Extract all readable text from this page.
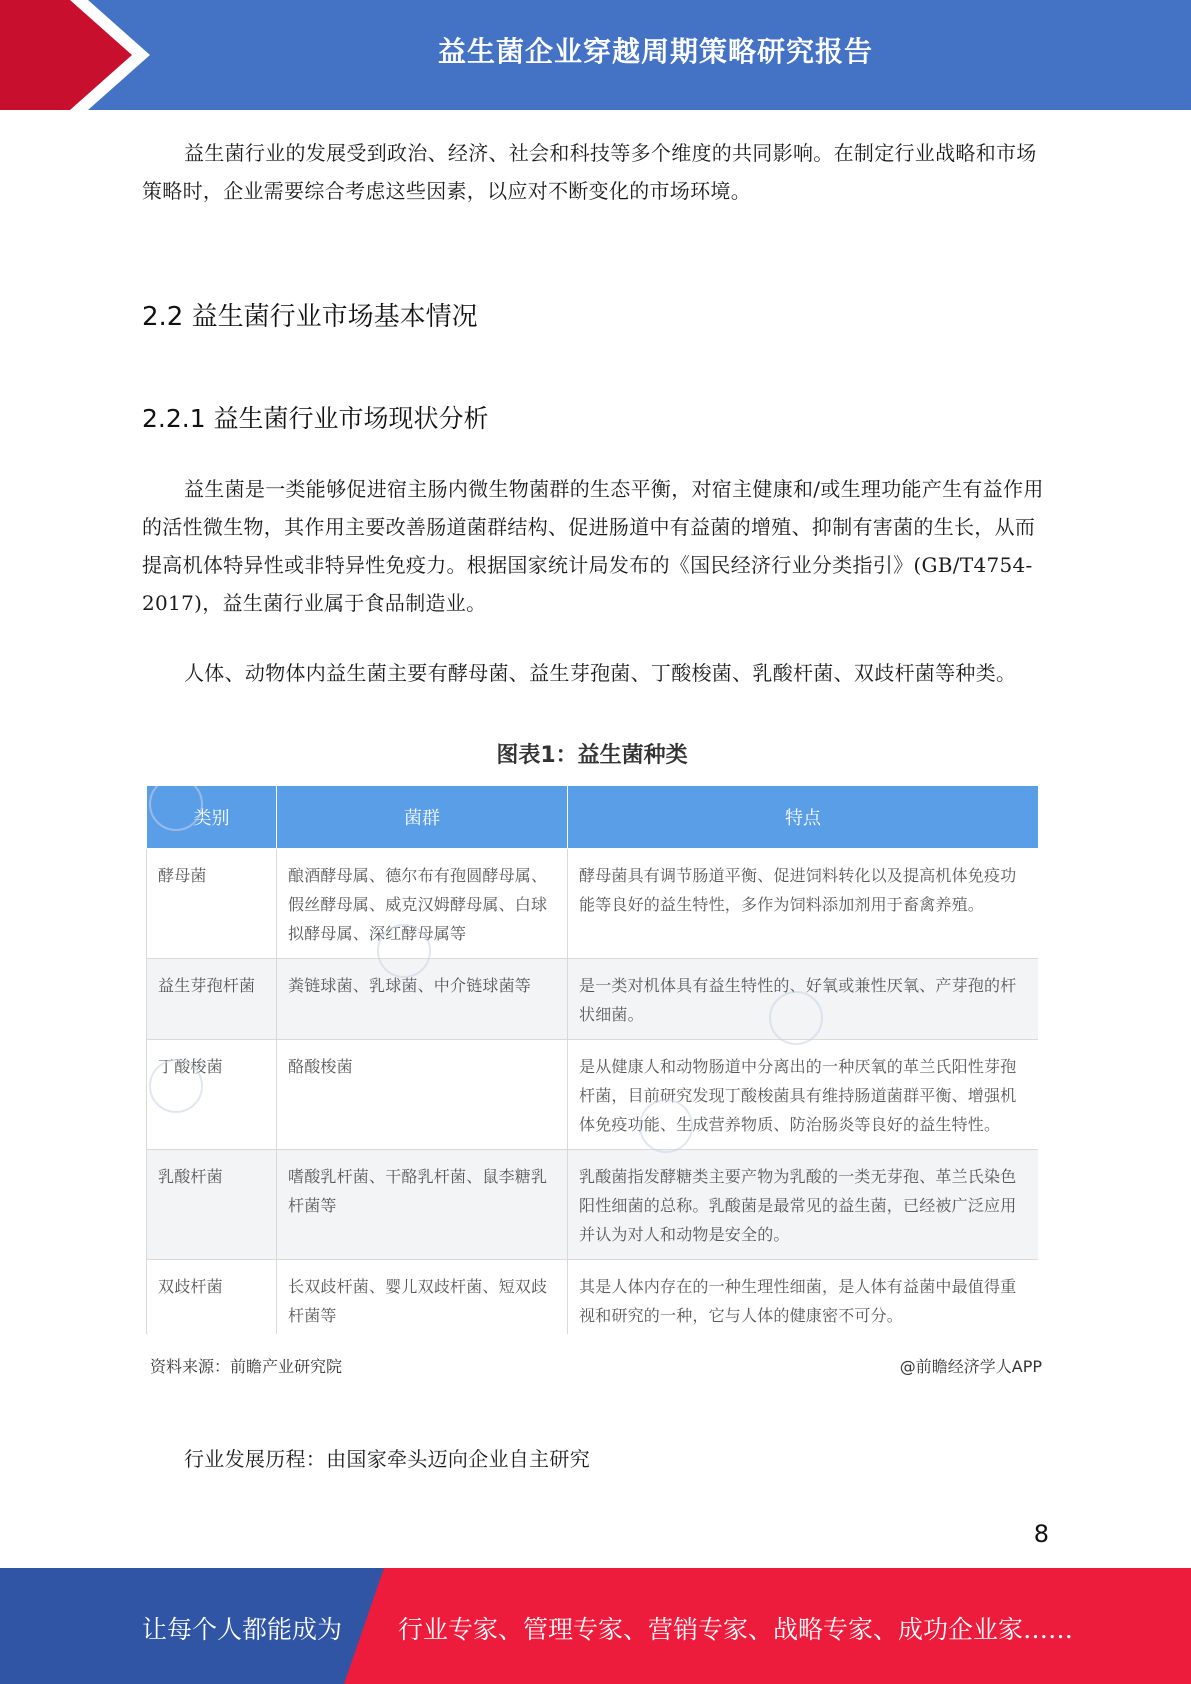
益生菌企业穿越周期策略研究报告

益生菌行业的发展受到政治、经济、社会和科技等多个维度的共同影响。在制定行业战略和市场策略时，企业需要综合考虑这些因素，以应对不断变化的市场环境。

2.2 益生菌行业市场基本情况
2.2.1 益生菌行业市场现状分析

益生菌是一类能够促进宿主肠内微生物菌群的生态平衡，对宿主健康和/或生理功能产生有益作用的活性微生物，其作用主要改善肠道菌群结构、促进肠道中有益菌的增殖、抑制有害菌的生长，从而提高机体特异性或非特异性免疫力。根据国家统计局发布的《国民经济行业分类指引》(GB/T4754-2017)，益生菌行业属于食品制造业。

人体、动物体内益生菌主要有酵母菌、益生芽孢菌、丁酸梭菌、乳酸杆菌、双歧杆菌等种类。

图表1：益生菌种类
类别	菌群	特点
酵母菌	酿酒酵母属、德尔布有孢圆酵母属、假丝酵母属、威克汉姆酵母属、白球拟酵母属、深红酵母属等	酵母菌具有调节肠道平衡、促进饲料转化以及提高机体免疫功能等良好的益生特性，多作为饲料添加剂用于畜禽养殖。
益生芽孢杆菌	粪链球菌、乳球菌、中介链球菌等	是一类对机体具有益生特性的、好氧或兼性厌氧、产芽孢的杆状细菌。
丁酸梭菌	酪酸梭菌	是从健康人和动物肠道中分离出的一种厌氧的革兰氏阳性芽孢杆菌，目前研究发现丁酸梭菌具有维持肠道菌群平衡、增强机体免疫功能、生成营养物质、防治肠炎等良好的益生特性。
乳酸杆菌	嗜酸乳杆菌、干酪乳杆菌、鼠李糖乳杆菌等	乳酸菌指发酵糖类主要产物为乳酸的一类无芽孢、革兰氏染色阳性细菌的总称。乳酸菌是最常见的益生菌，已经被广泛应用并认为对人和动物是安全的。
双歧杆菌	长双歧杆菌、婴儿双歧杆菌、短双歧杆菌等	其是人体内存在的一种生理性细菌，是人体有益菌中最值得重视和研究的一种，它与人体的健康密不可分。
资料来源：前瞻产业研究院	@前瞻经济学人APP

行业发展历程：由国家牵头迈向企业自主研究

8
让每个人都能成为 行业专家、管理专家、营销专家、战略专家、成功企业家……
